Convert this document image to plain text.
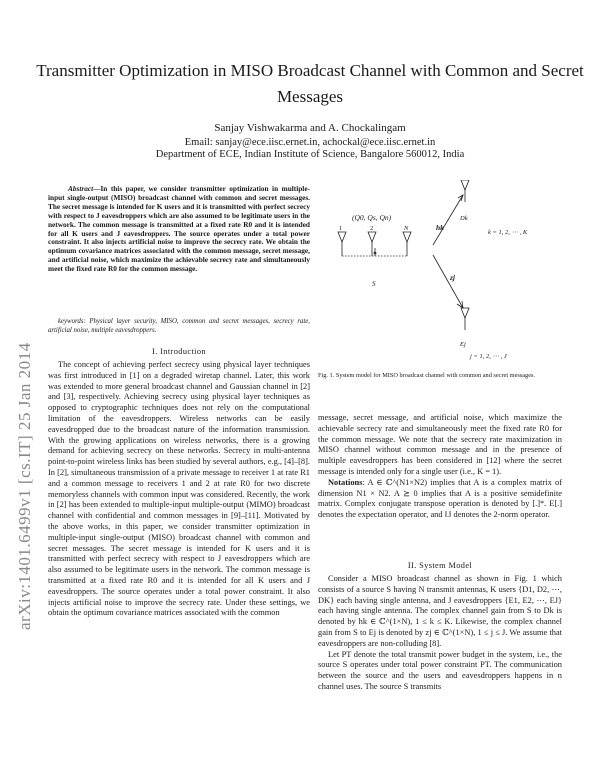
arXiv:1401.6499v1 [cs.IT] 25 Jan 2014
Transmitter Optimization in MISO Broadcast Channel with Common and Secret Messages
Sanjay Vishwakarma and A. Chockalingam
Email: sanjay@ece.iisc.ernet.in, achockal@ece.iisc.ernet.in
Department of ECE, Indian Institute of Science, Bangalore 560012, India
Abstract—In this paper, we consider transmitter optimization in multiple-input single-output (MISO) broadcast channel with common and secret messages. The secret message is intended for K users and it is transmitted with perfect secrecy with respect to J eavesdroppers which are also assumed to be legitimate users in the network. The common message is transmitted at a fixed rate R0 and it is intended for all K users and J eavesdroppers. The source operates under a total power constraint. It also injects artificial noise to improve the secrecy rate. We obtain the optimum covariance matrices associated with the common message, secret message, and artificial noise, which maximize the achievable secrecy rate and simultaneously meet the fixed rate R0 for the common message.
keywords: Physical layer security, MISO, common and secret messages, secrecy rate, artificial noise, multiple eavesdroppers.
I. Introduction

The concept of achieving perfect secrecy using physical layer techniques was first introduced in [1] on a degraded wiretap channel. Later, this work was extended to more general broadcast channel and Gaussian channel in [2] and [3], respectively. Achieving secrecy using physical layer techniques as opposed to cryptographic techniques does not rely on the computational limitation of the eavesdroppers. Wireless networks can be easily eavesdropped due to the broadcast nature of the information transmission. With the growing applications on wireless networks, there is a growing demand for achieving secrecy on these networks. Secrecy in multi-antenna point-to-point wireless links has been studied by several authors, e.g., [4]–[8]. In [2], simultaneous transmission of a private message to receiver 1 at rate R1 and a common message to receivers 1 and 2 at rate R0 for two discrete memoryless channels with common input was considered. Recently, the work in [2] has been extended to multiple-input multiple-output (MIMO) broadcast channel with confidential and common messages in [9]–[11]. Motivated by the above works, in this paper, we consider transmitter optimization in multiple-input single-output (MISO) broadcast channel with common and secret messages. The secret message is intended for K users and it is transmitted with perfect secrecy with respect to J eavesdroppers which are also assumed to be legitimate users in the network. The common message is transmitted at a fixed rate R0 and it is intended for all K users and J eavesdroppers. The source operates under a total power constraint. It also injects artificial noise to improve the secrecy rate. Under these settings, we obtain the optimum covariance matrices associated with the common

(Q0, Qs, Qn)
1	2	N
S
hk
zj
Dk
k = 1, 2, ⋯ , K
Ej
j = 1, 2, ⋯ , J
Fig. 1. System model for MISO broadcast channel with common and secret messages.

message, secret message, and artificial noise, which maximize the achievable secrecy rate and simultaneously meet the fixed rate R0 for the common message. We note that the secrecy rate maximization in MISO channel without common message and in the presence of multiple eavesdroppers has been considered in [12] where the secret message is intended only for a single user (i.e., K = 1).

Notations: A ∈ ℂ^(N1×N2) implies that A is a complex matrix of dimension N1 × N2. A ⪰ 0 implies that A is a positive semidefinite matrix. Complex conjugate transpose operation is denoted by [.]*. E[.] denotes the expectation operator, and ‖.‖ denotes the 2-norm operator.

II. System Model

Consider a MISO broadcast channel as shown in Fig. 1 which consists of a source S having N transmit antennas, K users {D1, D2, ⋯, DK} each having single antenna, and J eavesdroppers {E1, E2, ⋯, EJ} each having single antenna. The complex channel gain from S to Dk is denoted by hk ∈ ℂ^(1×N), 1 ≤ k ≤ K. Likewise, the complex channel gain from S to Ej is denoted by zj ∈ ℂ^(1×N), 1 ≤ j ≤ J. We assume that eavesdroppers are non-colluding [8].

Let PT denote the total transmit power budget in the system, i.e., the source S operates under total power constraint PT. The communication between the source and the users and eavesdroppers happens in n channel uses. The source S transmits
